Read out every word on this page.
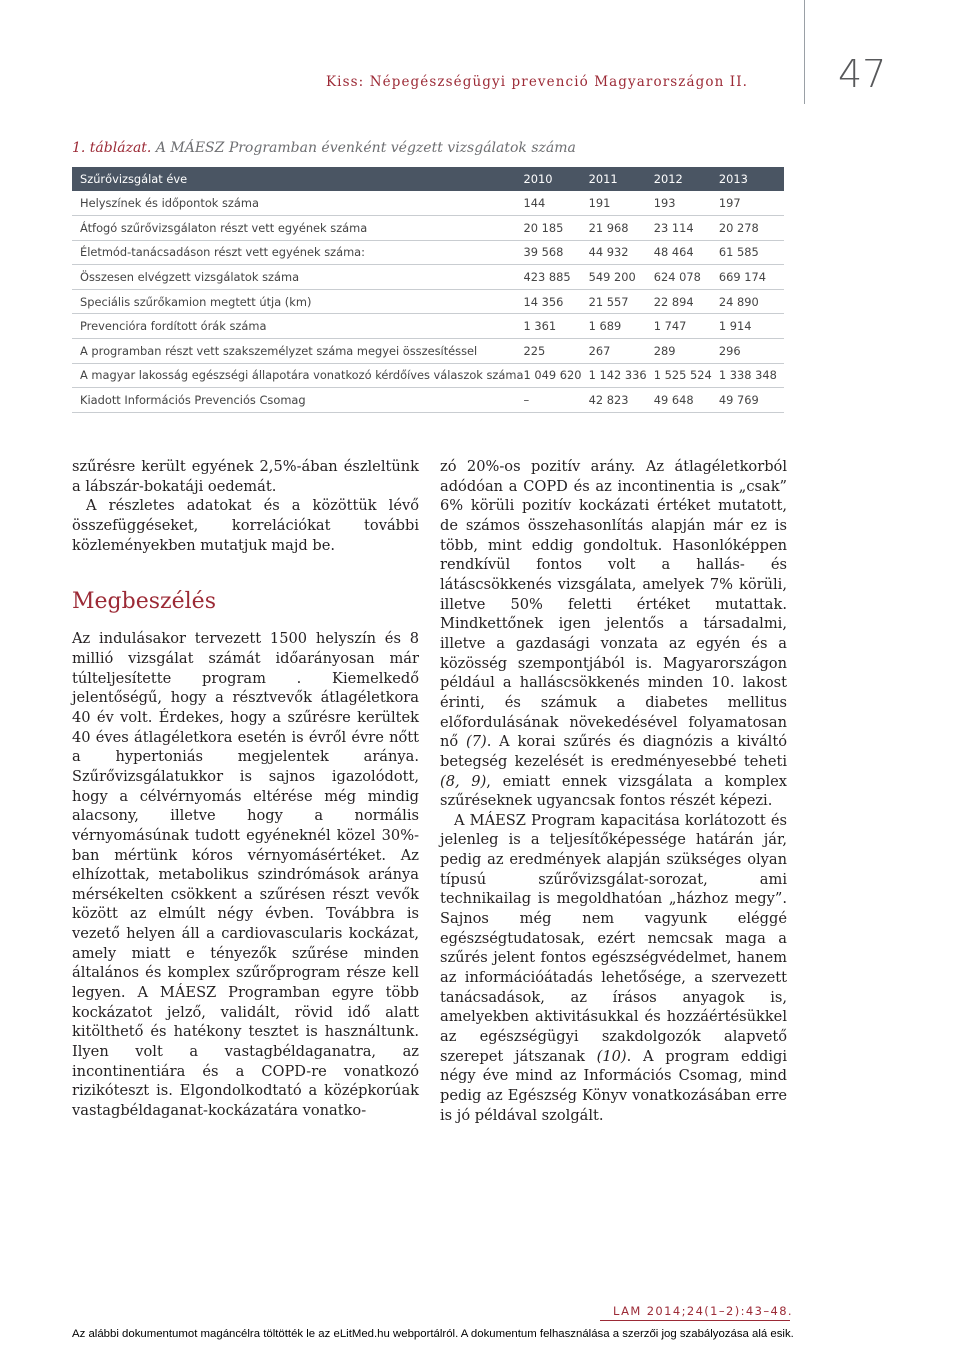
Kiss: Népegészségügyi prevenció Magyarországon II. 47
1. táblázat. A MÁESZ Programban évenként végzett vizsgálatok száma
Szűrővizsgálat éve	2010	2011	2012	2013
Helyszínek és időpontok száma	144	191	193	197
Átfogó szűrővizsgálaton részt vett egyének száma	20 185	21 968	23 114	20 278
Életmód-tanácsadáson részt vett egyének száma:	39 568	44 932	48 464	61 585
Összesen elvégzett vizsgálatok száma	423 885	549 200	624 078	669 174
Speciális szűrőkamion megtett útja (km)	14 356	21 557	22 894	24 890
Prevencióra fordított órák száma	1 361	1 689	1 747	1 914
A programban részt vett szakszemélyzet száma megyei összesítéssel	225	267	289	296
A magyar lakosság egészségi állapotára vonatkozó kérdőíves válaszok száma	1 049 620	1 142 336	1 525 524	1 338 348
Kiadott Információs Prevenciós Csomag	–	42 823	49 648	49 769

szűrésre került egyének 2,5%-ában észleltünk a lábszár-bokatáji oedemát.

A részletes adatokat és a közöttük lévő összefüggéseket, korrelációkat további közleményekben mutatjuk majd be.

Megbeszélés

Az indulásakor tervezett 1500 helyszín és 8 millió vizsgálat számát időarányosan már túlteljesítette program . Kiemelkedő jelentőségű, hogy a résztvevők átlagéletkora 40 év volt. Érdekes, hogy a szűrésre kerültek 40 éves átlagéletkora esetén is évről évre nőtt a hypertoniás megjelentek aránya. Szűrővizsgálatukkor is sajnos igazolódott, hogy a célvérnyomás eltérése még mindig alacsony, illetve hogy a normális vérnyomásúnak tudott egyéneknél közel 30%-ban mértünk kóros vérnyomásértéket. Az elhízottak, metabolikus szindrómások aránya mérsékelten csökkent a szűrésen részt vevők között az elmúlt négy évben. Továbbra is vezető helyen áll a cardiovascularis kockázat, amely miatt e tényezők szűrése minden általános és komplex szűrőprogram része kell legyen. A MÁESZ Programban egyre több kockázatot jelző, validált, rövid idő alatt kitölthető és hatékony tesztet is használtunk. Ilyen volt a vastagbéldaganatra, az incontinentiára és a COPD-re vonatkozó rizikóteszt is. Elgondolkodtató a középkorúak vastagbéldaganat-kockázatára vonatko-

zó 20%-os pozitív arány. Az átlagéletkorból adódóan a COPD és az incontinentia is „csak” 6% körüli pozitív kockázati értéket mutatott, de számos összehasonlítás alapján már ez is több, mint eddig gondoltuk. Hasonlóképpen rendkívül fontos volt a hallás- és látáscsökkenés vizsgálata, amelyek 7% körüli, illetve 50% feletti értéket mutattak. Mindkettőnek igen jelentős a társadalmi, illetve a gazdasági vonzata az egyén és a közösség szempontjából is. Magyarországon például a halláscsökkenés minden 10. lakost érinti, és számuk a diabetes mellitus előfordulásának növekedésével folyamatosan nő (7). A korai szűrés és diagnózis a kiváltó betegség kezelését is eredményesebbé teheti (8, 9), emiatt ennek vizsgálata a komplex szűréseknek ugyancsak fontos részét képezi.

A MÁESZ Program kapacitása korlátozott és jelenleg is a teljesítőképessége határán jár, pedig az eredmények alapján szükséges olyan típusú szűrővizsgálat-sorozat, ami technikailag is megoldhatóan „házhoz megy”. Sajnos még nem vagyunk eléggé egészségtudatosak, ezért nemcsak maga a szűrés jelent fontos egészségvédelmet, hanem az információátadás lehetősége, a szervezett tanácsadások, az írásos anyagok is, amelyekben aktivitásukkal és hozzáértésükkel az egészségügyi szakdolgozók alapvető szerepet játszanak (10). A program eddigi négy éve mind az Információs Csomag, mind pedig az Egészség Könyv vonatkozásában erre is jó példával szolgált.

LAM 2014;24(1–2):43–48.
Az alábbi dokumentumot magáncélra töltötték le az eLitMed.hu webportálról. A dokumentum felhasználása a szerzői jog szabályozása alá esik.
